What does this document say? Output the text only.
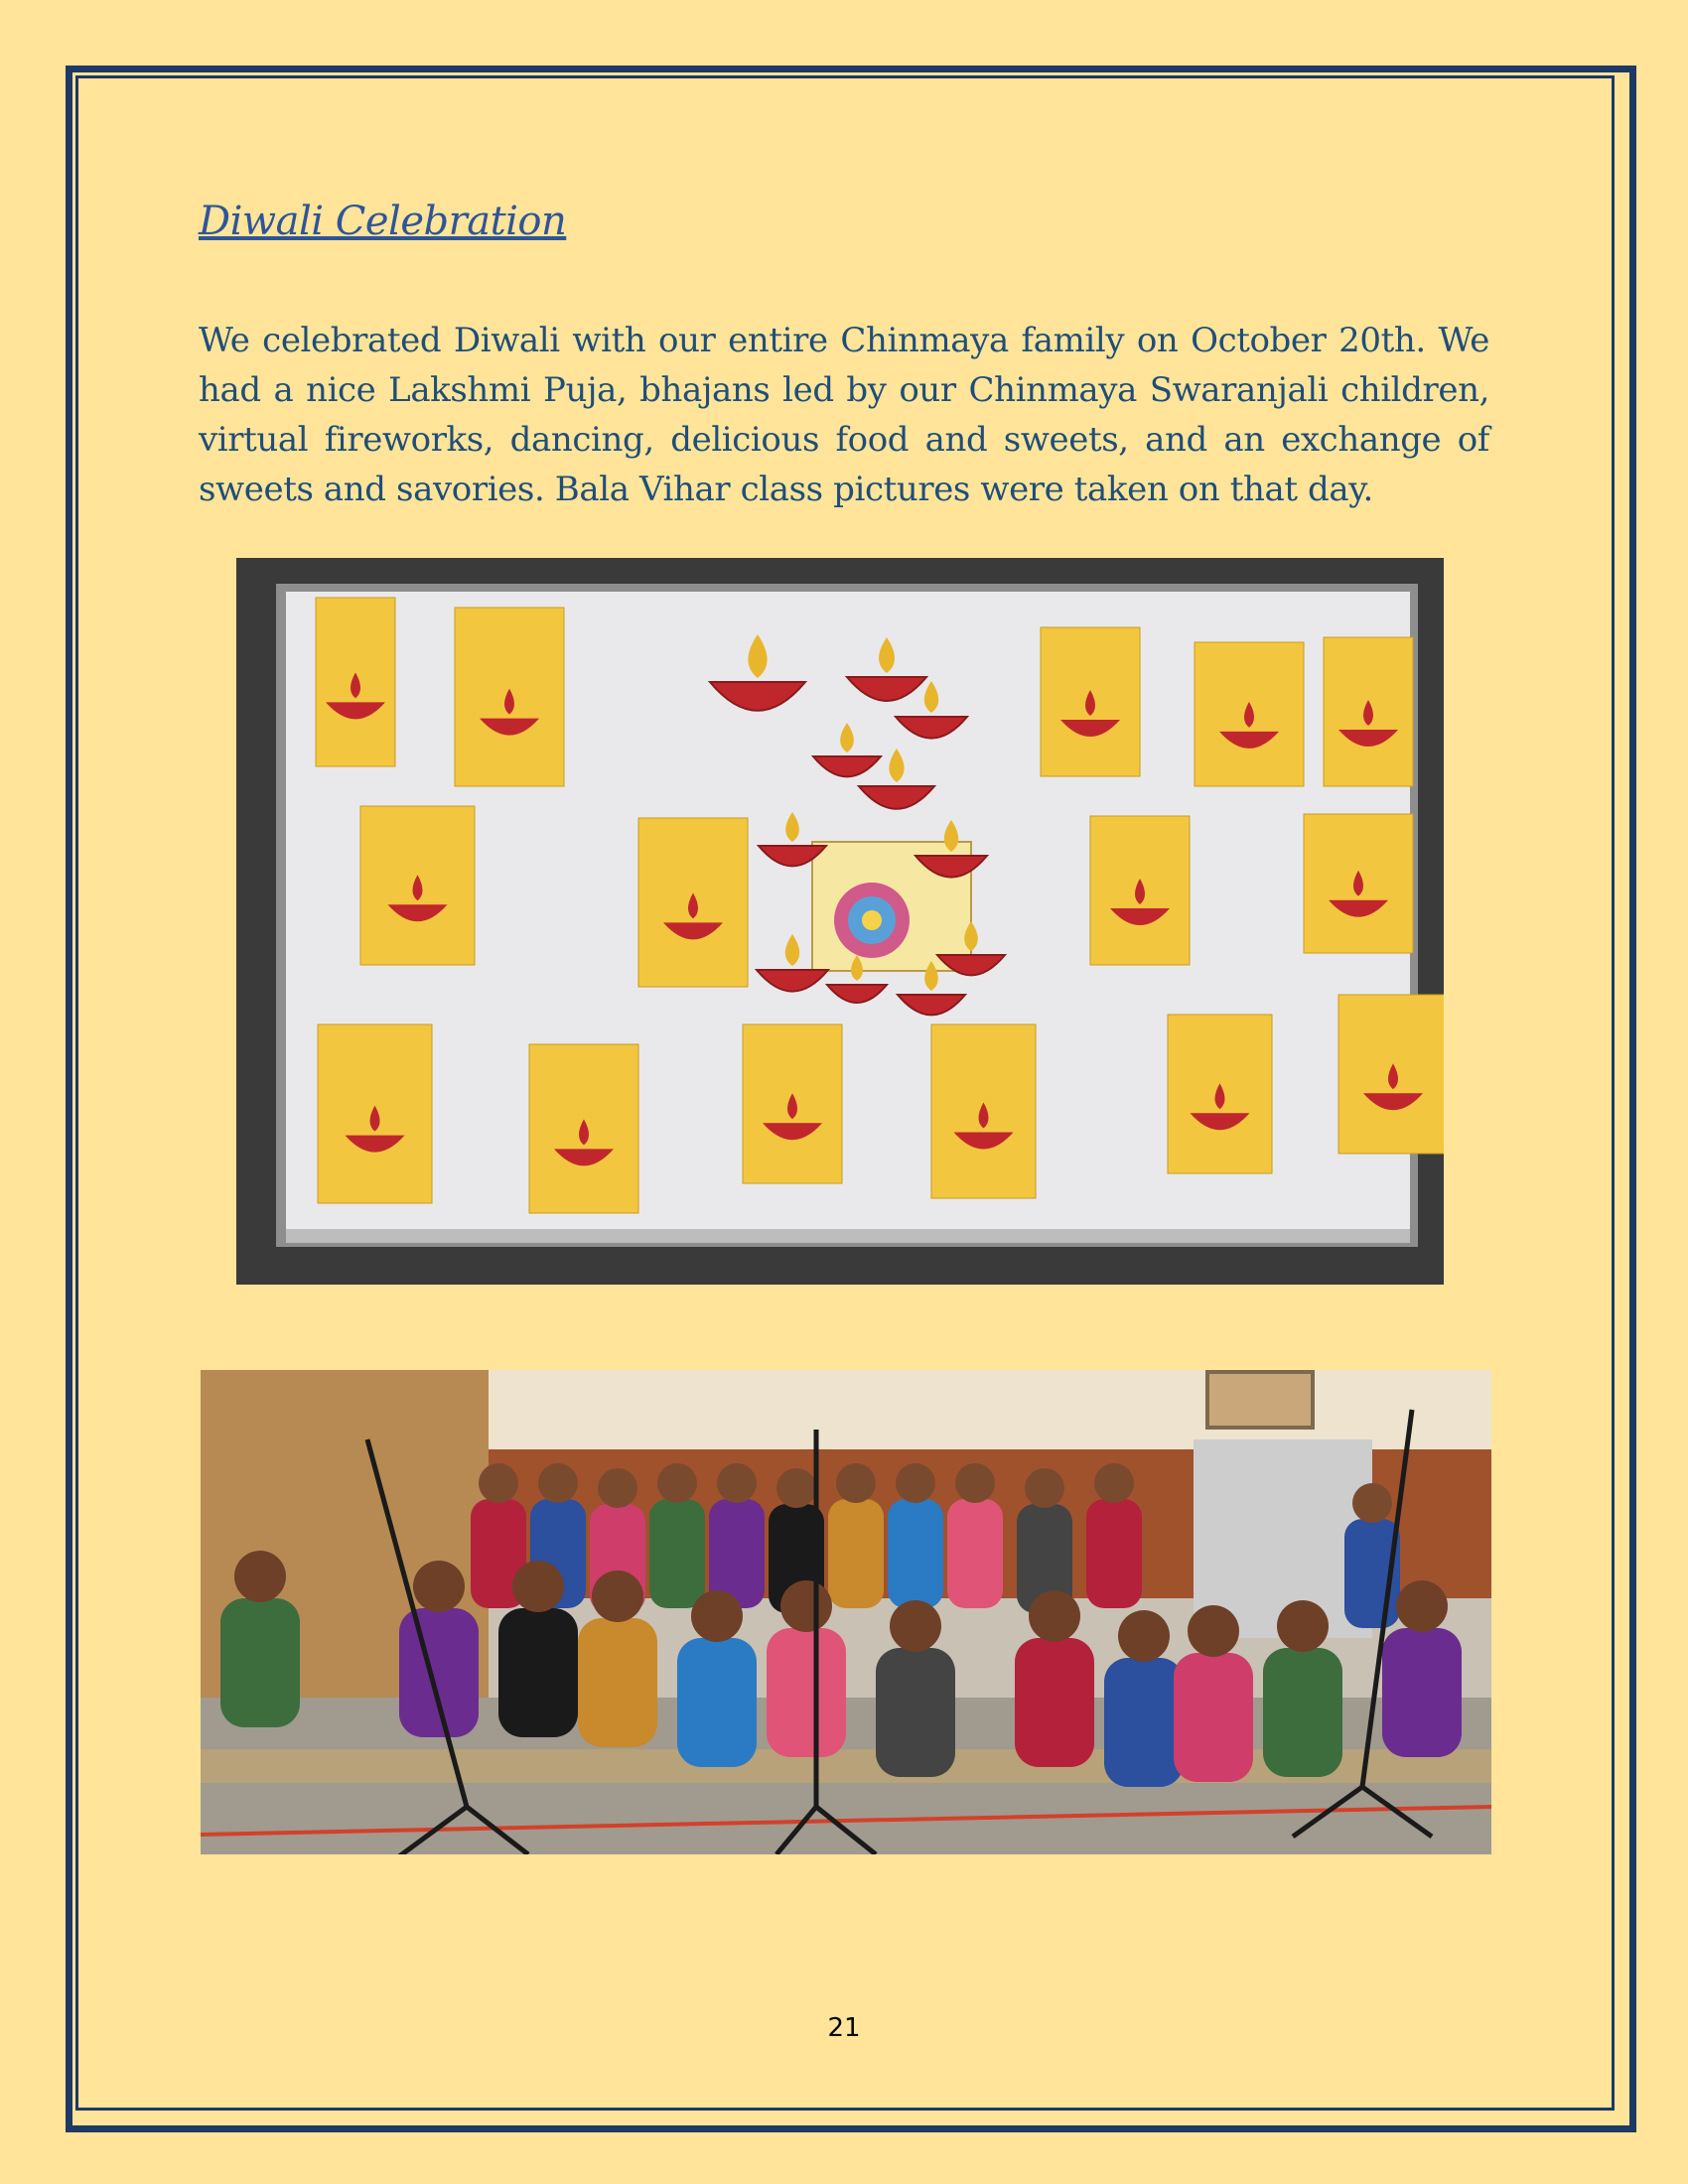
Diwali Celebration

We celebrated Diwali with our entire Chinmaya family on October 20th. We had a nice Lakshmi Puja, bhajans led by our Chinmaya Swaranjali children, virtual fireworks, dancing, delicious food and sweets, and an exchange of sweets and savories. Bala Vihar class pictures were taken on that day.

21
